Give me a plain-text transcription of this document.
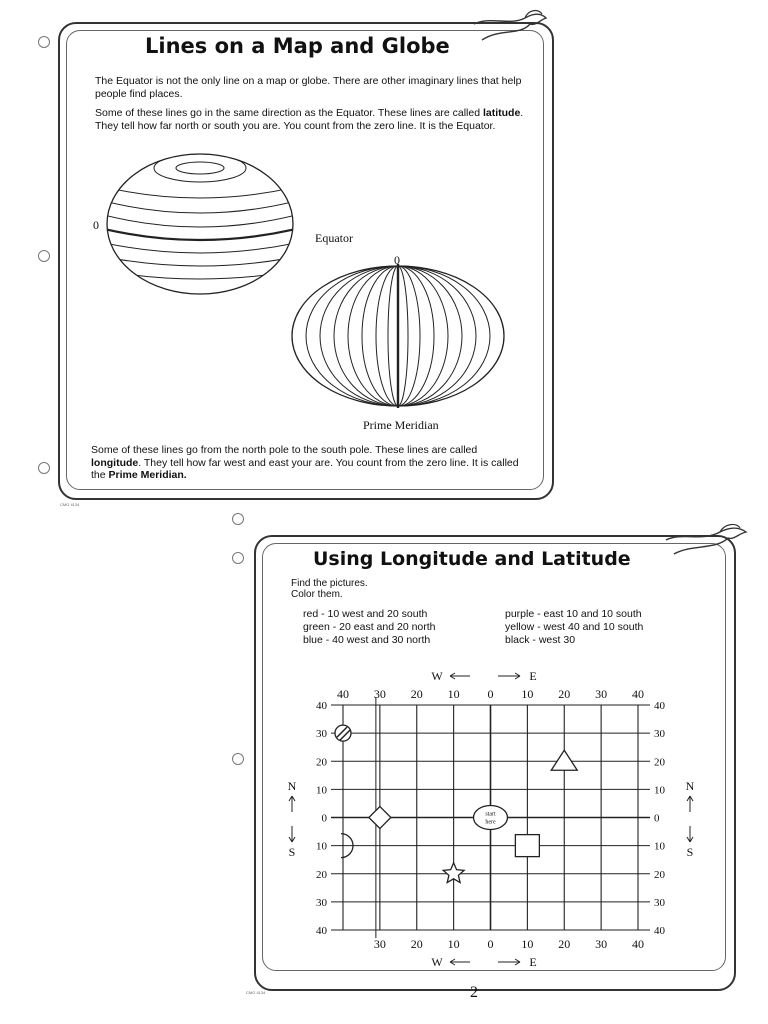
Lines on a Map and Globe
The Equator is not the only line on a map or globe. There are other imaginary lines that help people find places.
Some of these lines go in the same direction as the Equator. These lines are called latitude. They tell how far north or south you are. You count from the zero line. It is the Equator.
0
Equator
0
Prime Meridian
Some of these lines go from the north pole to the south pole. These lines are called longitude. They tell how far west and east your are. You count from the zero line. It is called the Prime Meridian.
CMG 4134
Using Longitude and Latitude
Find the pictures.
Color them.
red - 10 west and 20 south
green - 20 east and 20 north
blue - 40 west and 30 north
purple - east 10 and 10 south
yellow - west 40 and 10 south
black - west 30
40 30 20 10 0 10 20 30 40
30 20 10 0 10 20 30 40
40	40
30	30
20	20
10	10
0	0
10	10
20	20
30	30
40	40
W	E
W	E
N
S
N
S
start
here
CMG 4134	2
